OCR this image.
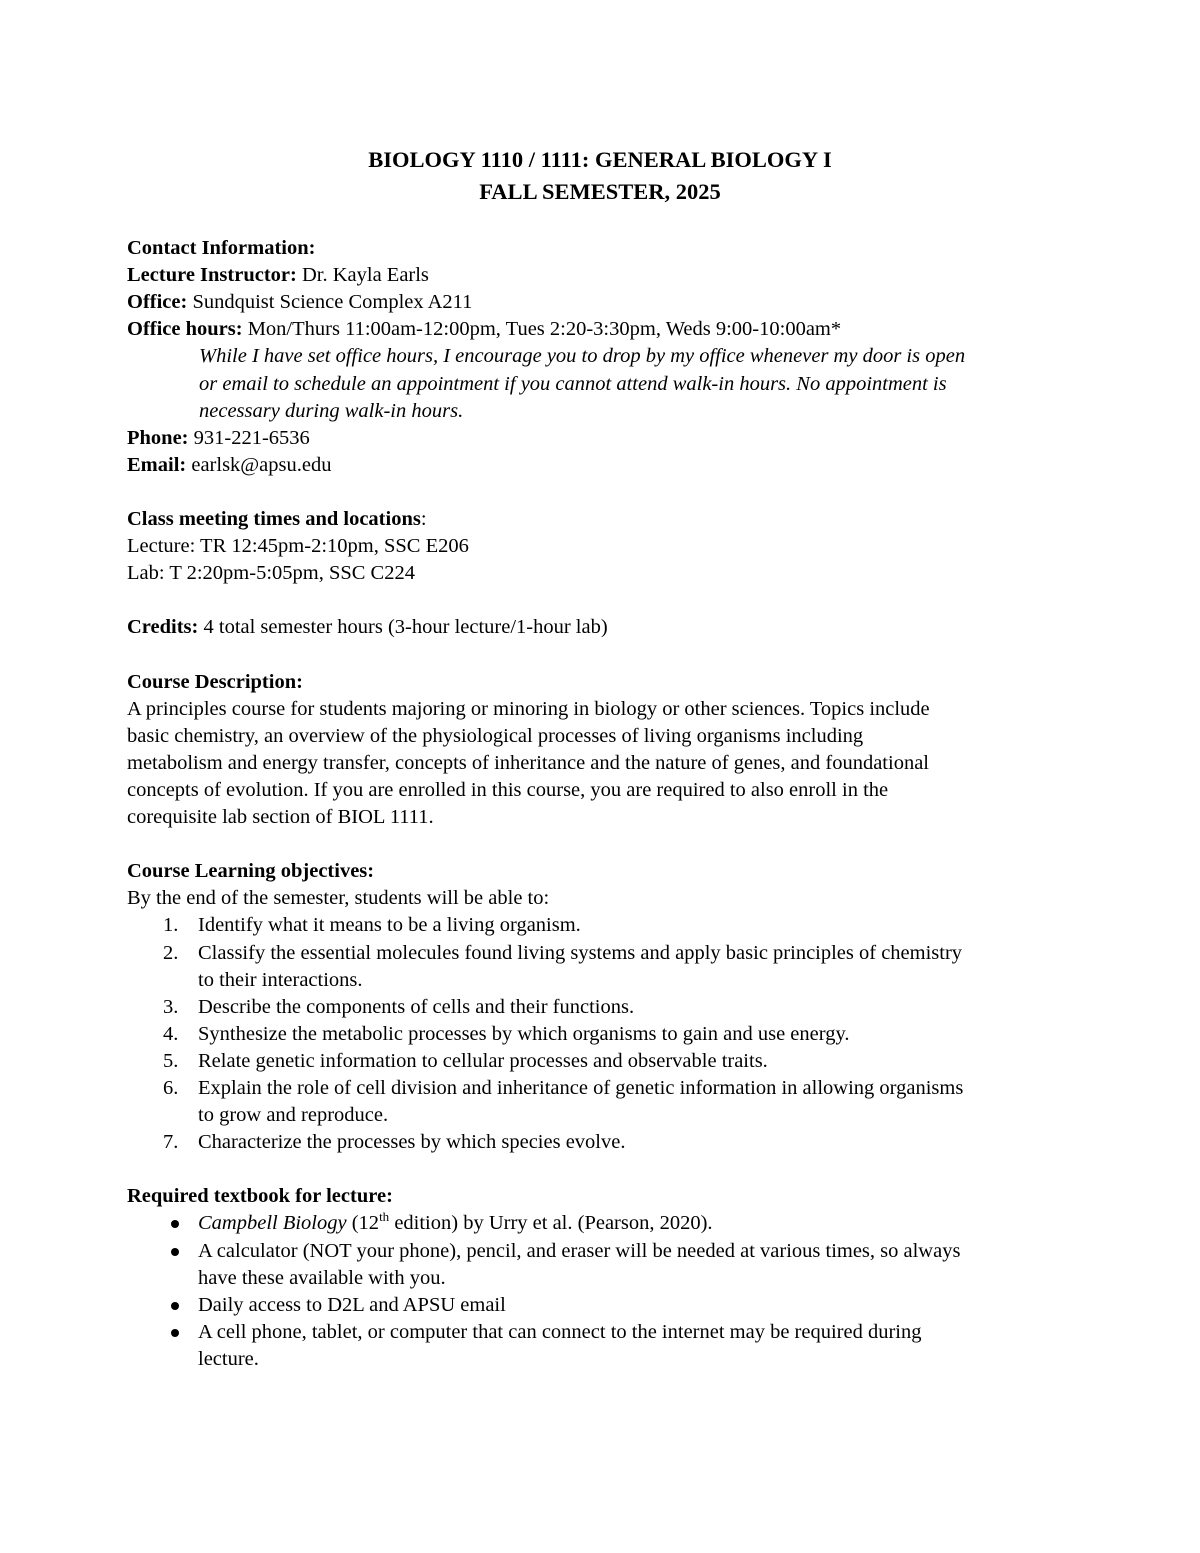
BIOLOGY 1110 / 1111: GENERAL BIOLOGY I
FALL SEMESTER, 2025
Contact Information:
Lecture Instructor: Dr. Kayla Earls
Office: Sundquist Science Complex A211
Office hours: Mon/Thurs 11:00am-12:00pm, Tues 2:20-3:30pm, Weds 9:00-10:00am*
While I have set office hours, I encourage you to drop by my office whenever my door is open
or email to schedule an appointment if you cannot attend walk-in hours. No appointment is
necessary during walk-in hours.
Phone: 931-221-6536
Email: earlsk@apsu.edu
Class meeting times and locations:
Lecture: TR 12:45pm-2:10pm, SSC E206
Lab: T 2:20pm-5:05pm, SSC C224
Credits: 4 total semester hours (3-hour lecture/1-hour lab)
Course Description:
A principles course for students majoring or minoring in biology or other sciences. Topics include
basic chemistry, an overview of the physiological processes of living organisms including
metabolism and energy transfer, concepts of inheritance and the nature of genes, and foundational
concepts of evolution. If you are enrolled in this course, you are required to also enroll in the
corequisite lab section of BIOL 1111.
Course Learning objectives:
By the end of the semester, students will be able to:
1. Identify what it means to be a living organism.
2. Classify the essential molecules found living systems and apply basic principles of chemistry
to their interactions.
3. Describe the components of cells and their functions.
4. Synthesize the metabolic processes by which organisms to gain and use energy.
5. Relate genetic information to cellular processes and observable traits.
6. Explain the role of cell division and inheritance of genetic information in allowing organisms
to grow and reproduce.
7. Characterize the processes by which species evolve.
Required textbook for lecture:
Campbell Biology (12th edition) by Urry et al. (Pearson, 2020).
A calculator (NOT your phone), pencil, and eraser will be needed at various times, so always
have these available with you.
Daily access to D2L and APSU email
A cell phone, tablet, or computer that can connect to the internet may be required during
lecture.
